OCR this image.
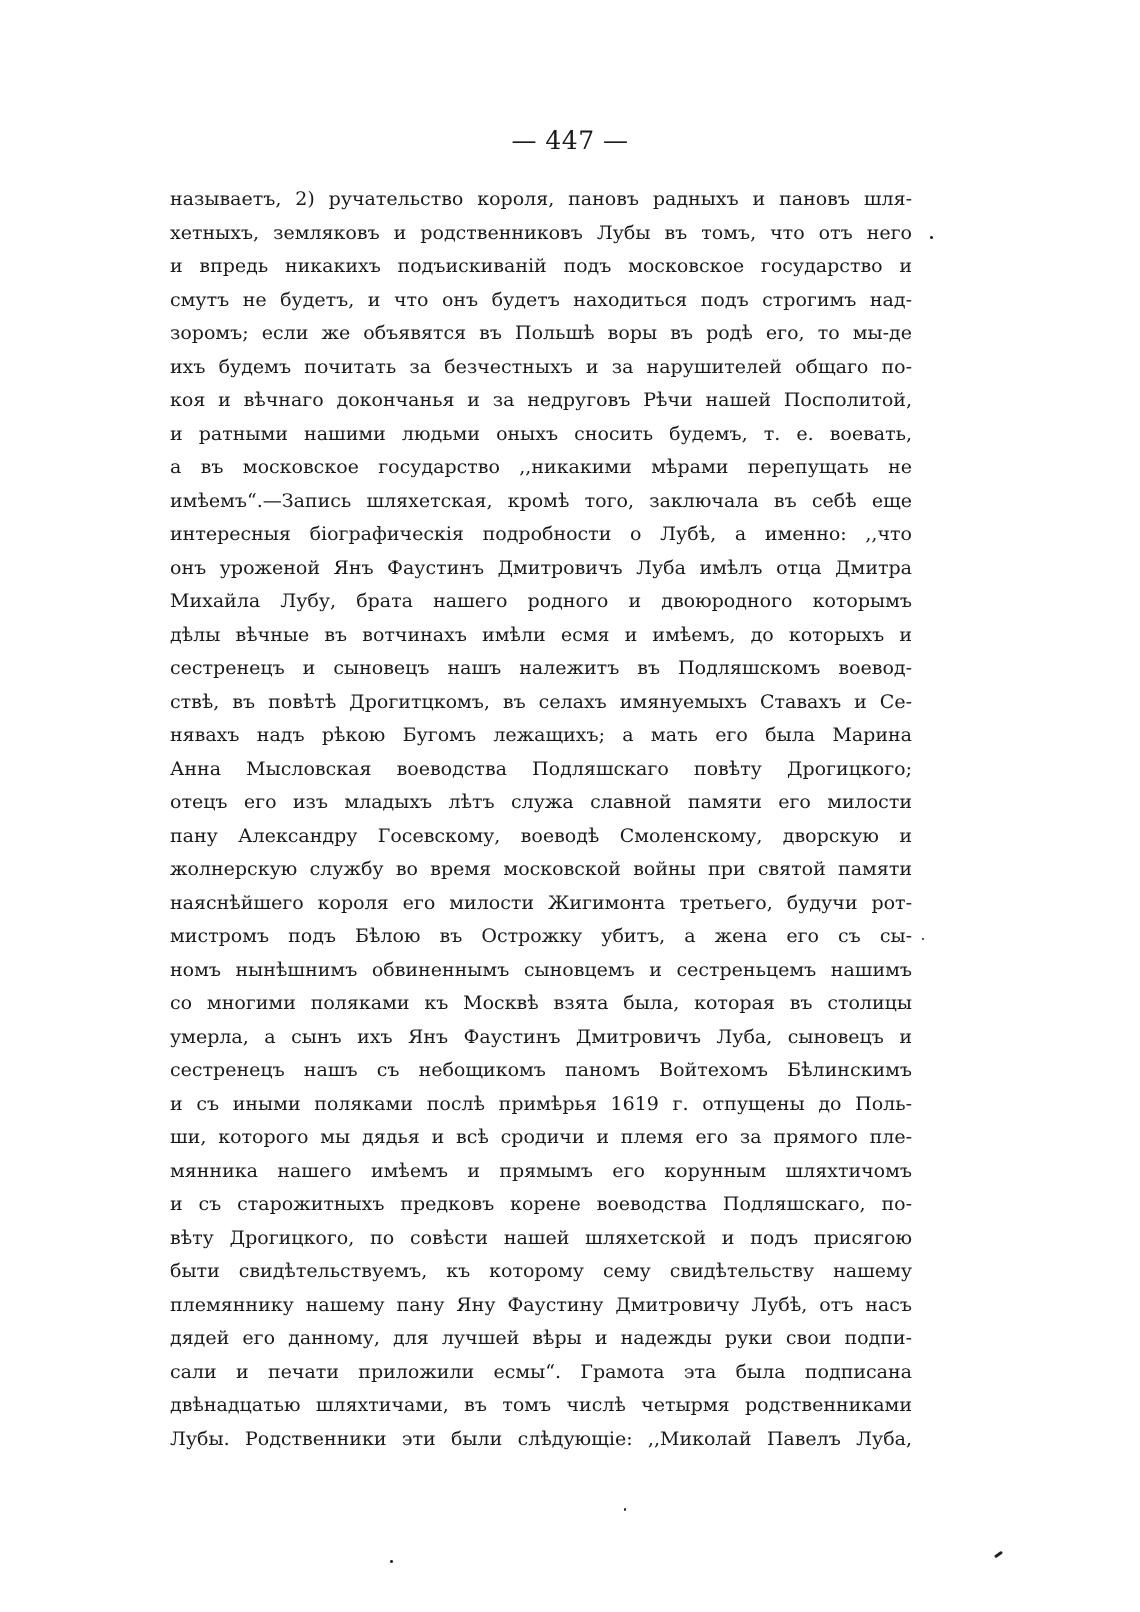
— 447 —
называетъ, 2) ручательство короля, пановъ радныхъ и пановъ шля-
хетныхъ, земляковъ и родственниковъ Лубы въ томъ, что отъ него
и впредь никакихъ подъискиванiй подъ московское государство и
смутъ не будетъ, и что онъ будетъ находиться подъ строгимъ над-
зоромъ; если же объявятся въ Польшѣ воры въ родѣ его, то мы-де
ихъ будемъ почитать за безчестныхъ и за нарушителей общаго по-
коя и вѣчнаго докончанья и за недруговъ Рѣчи нашей Посполитой,
и ратными нашими людьми оныхъ сносить будемъ, т. е. воевать,
а въ московское государство ,,никакими мѣрами перепущать не
имѣемъ“.—Запись шляхетская, кромѣ того, заключала въ себѣ еще
интересныя бiографическiя подробности о Лубѣ, а именно: ,,что
онъ уроженой Янъ Фаустинъ Дмитровичъ Луба имѣлъ отца Дмитра
Михайла Лубу, брата нашего родного и двоюродного которымъ
дѣлы вѣчные въ вотчинахъ имѣли есмя и имѣемъ, до которыхъ и
сестренецъ и сыновецъ нашъ належитъ въ Подляшскомъ воевод-
ствѣ, въ повѣтѣ Дрогитцкомъ, въ селахъ имянуемыхъ Ставахъ и Се-
нявахъ надъ рѣкою Бугомъ лежащихъ; а мать его была Марина
Анна Мысловская воеводства Подляшскаго повѣту Дрогицкого;
отецъ его изъ младыхъ лѣтъ служа славной памяти его милости
пану Александру Госевскому, воеводѣ Смоленскому, дворскую и
жолнерскую службу во время московской войны при святой памяти
наяснѣйшего короля его милости Жигимонта третьего, будучи рот-
мистромъ подъ Бѣлою въ Острожку убитъ, а жена его съ сы-
номъ нынѣшнимъ обвиненнымъ сыновцемъ и сестреньцемъ нашимъ
со многими поляками къ Москвѣ взята была, которая въ столицы
умерла, а сынъ ихъ Янъ Фаустинъ Дмитровичъ Луба, сыновецъ и
сестренецъ нашъ съ небощикомъ паномъ Войтехомъ Бѣлинскимъ
и съ иными поляками послѣ примѣрья 1619 г. отпущены до Поль-
ши, которого мы дядья и всѣ сродичи и племя его за прямого пле-
мянника нашего имѣемъ и прямымъ его корунным шляхтичомъ
и съ старожитныхъ предковъ корене воеводства Подляшскаго, по-
вѣту Дрогицкого, по совѣсти нашей шляхетской и подъ присягою
быти свидѣтельствуемъ, къ которому сему свидѣтельству нашему
племяннику нашему пану Яну Фаустину Дмитровичу Лубѣ, отъ насъ
дядей его данному, для лучшей вѣры и надежды руки свои подпи-
сали и печати приложили есмы“. Грамота эта была подписана
двѣнадцатью шляхтичами, въ томъ числѣ четырмя родственниками
Лубы. Родственники эти были слѣдующiе: ,,Миколай Павелъ Луба,
